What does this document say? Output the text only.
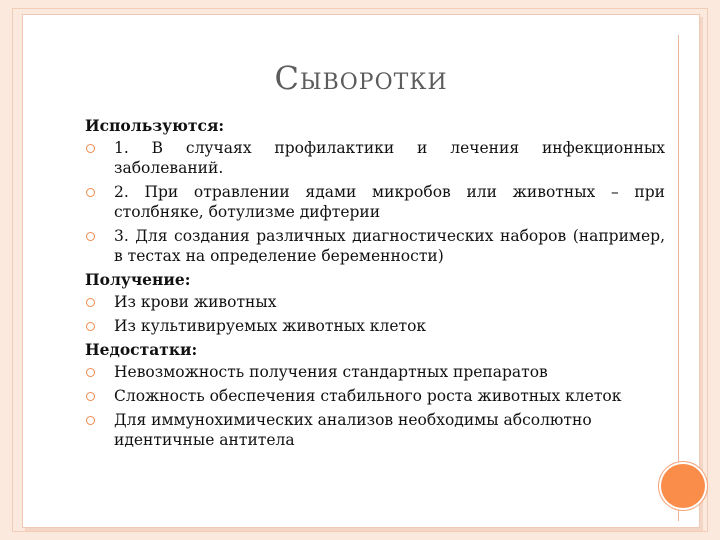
Сыворотки
Используются:
1. В случаях профилактики и лечения инфекционных заболеваний.
2. При отравлении ядами микробов или животных – при столбняке, ботулизме дифтерии
3. Для создания различных диагностических наборов (например, в тестах на определение беременности)
Получение:
Из крови животных
Из культивируемых животных клеток
Недостатки:
Невозможность получения стандартных препаратов
Сложность обеспечения стабильного роста животных клеток
Для иммунохимических анализов необходимы абсолютно идентичные антитела
